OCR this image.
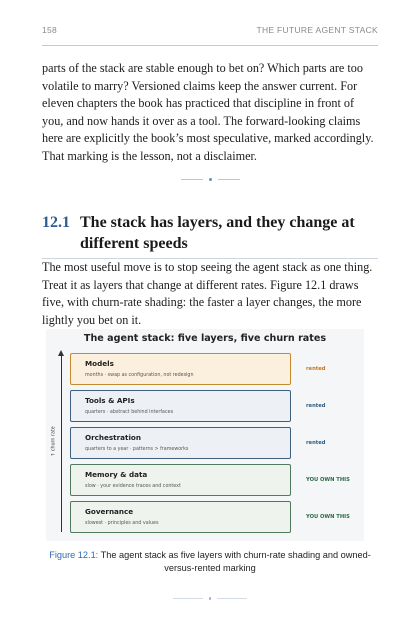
158	THE FUTURE AGENT STACK

parts of the stack are stable enough to bet on? Which parts are too volatile to marry? Versioned claims keep the answer current. For eleven chapters the book has practiced that discipline in front of you, and now hands it over as a tool. The forward-looking claims here are explicitly the book’s most speculative, marked accordingly. That marking is the lesson, not a disclaimer.

12.1 The stack has layers, and they change at different speeds

The most useful move is to stop seeing the agent stack as one thing. Treat it as layers that change at different rates. Figure 12.1 draws five, with churn-rate shading: the faster a layer changes, the more lightly you bet on it.

The agent stack: five layers, five churn rates
↑ churn rate
Models
months · swap as configuration, not redesign
rented
Tools & APIs
quarters · abstract behind interfaces
rented
Orchestration
quarters to a year · patterns > frameworks
rented
Memory & data
slow · your evidence traces and context
YOU OWN THIS
Governance
slowest · principles and values
YOU OWN THIS
Figure 12.1: The agent stack as five layers with churn-rate shading and owned-versus-rented marking
